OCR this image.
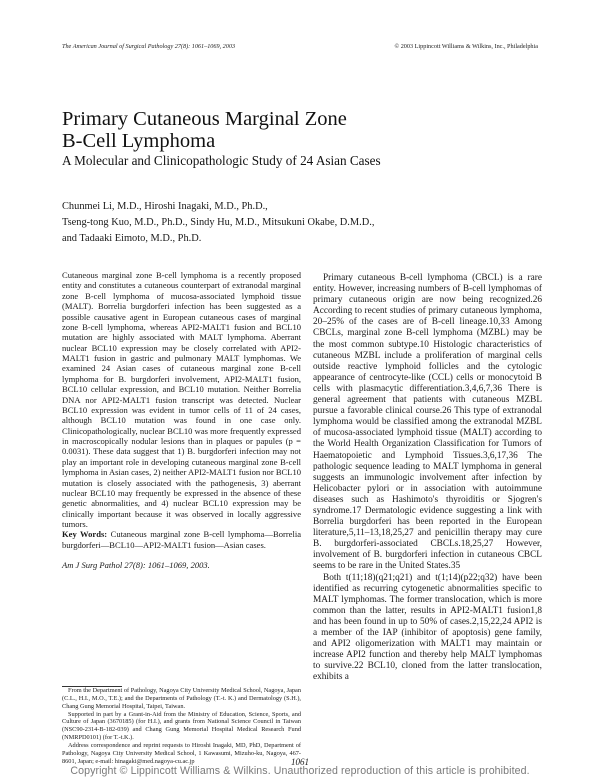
The American Journal of Surgical Pathology 27(8): 1061–1069, 2003	© 2003 Lippincott Williams & Wilkins, Inc., Philadelphia
Primary Cutaneous Marginal Zone
B-Cell Lymphoma
A Molecular and Clinicopathologic Study of 24 Asian Cases
Chunmei Li, M.D., Hiroshi Inagaki, M.D., Ph.D.,
Tseng-tong Kuo, M.D., Ph.D., Sindy Hu, M.D., Mitsukuni Okabe, D.M.D.,
and Tadaaki Eimoto, M.D., Ph.D.

Cutaneous marginal zone B-cell lymphoma is a recently proposed entity and constitutes a cutaneous counterpart of extranodal marginal zone B-cell lymphoma of mucosa-associated lymphoid tissue (MALT). Borrelia burgdorferi infection has been suggested as a possible causative agent in European cutaneous cases of marginal zone B-cell lymphoma, whereas API2-MALT1 fusion and BCL10 mutation are highly associated with MALT lymphoma. Aberrant nuclear BCL10 expression may be closely correlated with API2-MALT1 fusion in gastric and pulmonary MALT lymphomas. We examined 24 Asian cases of cutaneous marginal zone B-cell lymphoma for B. burgdorferi involvement, API2-MALT1 fusion, BCL10 cellular expression, and BCL10 mutation. Neither Borrelia DNA nor API2-MALT1 fusion transcript was detected. Nuclear BCL10 expression was evident in tumor cells of 11 of 24 cases, although BCL10 mutation was found in one case only. Clinicopathologically, nuclear BCL10 was more frequently expressed in macroscopically nodular lesions than in plaques or papules (p = 0.0031). These data suggest that 1) B. burgdorferi infection may not play an important role in developing cutaneous marginal zone B-cell lymphoma in Asian cases, 2) neither API2-MALT1 fusion nor BCL10 mutation is closely associated with the pathogenesis, 3) aberrant nuclear BCL10 may frequently be expressed in the absence of these genetic abnormalities, and 4) nuclear BCL10 expression may be clinically important because it was observed in locally aggressive tumors.

Key Words: Cutaneous marginal zone B-cell lymphoma—Borrelia burgdorferi—BCL10—API2-MALT1 fusion—Asian cases.

Am J Surg Pathol 27(8): 1061–1069, 2003.

From the Department of Pathology, Nagoya City University Medical School, Nagoya, Japan (C.L., H.I., M.O., T.E.); and the Departments of Pathology (T.-t. K.) and Dermatology (S.H.), Chang Gung Memorial Hospital, Taipei, Taiwan.

Supported in part by a Grant-in-Aid from the Ministry of Education, Science, Sports, and Culture of Japan (3670185) (for H.I.), and grants from National Science Council in Taiwan (NSC90-2314-B-182-039) and Chang Gung Memorial Hospital Medical Research Fund (NMRPD0101) (for T.-t.K.).

Address correspondence and reprint requests to Hiroshi Inagaki, MD, PhD, Department of Pathology, Nagoya City University Medical School, 1 Kawasumi, Mizuho-ku, Nagoya, 467-8601, Japan; e-mail: hinagaki@med.nagoya-cu.ac.jp

Primary cutaneous B-cell lymphoma (CBCL) is a rare entity. However, increasing numbers of B-cell lymphomas of primary cutaneous origin are now being recognized.26 According to recent studies of primary cutaneous lymphoma, 20–25% of the cases are of B-cell lineage.10,33 Among CBCLs, marginal zone B-cell lymphoma (MZBL) may be the most common subtype.10 Histologic characteristics of cutaneous MZBL include a proliferation of marginal cells outside reactive lymphoid follicles and the cytologic appearance of centrocyte-like (CCL) cells or monocytoid B cells with plasmacytic differentiation.3,4,6,7,36 There is general agreement that patients with cutaneous MZBL pursue a favorable clinical course.26 This type of extranodal lymphoma would be classified among the extranodal MZBL of mucosa-associated lymphoid tissue (MALT) according to the World Health Organization Classification for Tumors of Haematopoietic and Lymphoid Tissues.3,6,17,36 The pathologic sequence leading to MALT lymphoma in general suggests an immunologic involvement after infection by Helicobacter pylori or in association with autoimmune diseases such as Hashimoto's thyroiditis or Sjogren's syndrome.17 Dermatologic evidence suggesting a link with Borrelia burgdorferi has been reported in the European literature,5,11–13,18,25,27 and penicillin therapy may cure B. burgdorferi-associated CBCLs.18,25,27 However, involvement of B. burgdorferi infection in cutaneous CBCL seems to be rare in the United States.35

Both t(11;18)(q21;q21) and t(1;14)(p22;q32) have been identified as recurring cytogenetic abnormalities specific to MALT lymphomas. The former translocation, which is more common than the latter, results in API2-MALT1 fusion1,8 and has been found in up to 50% of cases.2,15,22,24 API2 is a member of the IAP (inhibitor of apoptosis) gene family, and API2 oligomerization with MALT1 may maintain or increase API2 function and thereby help MALT lymphomas to survive.22 BCL10, cloned from the latter translocation, exhibits a

1061
Copyright © Lippincott Williams & Wilkins. Unauthorized reproduction of this article is prohibited.
